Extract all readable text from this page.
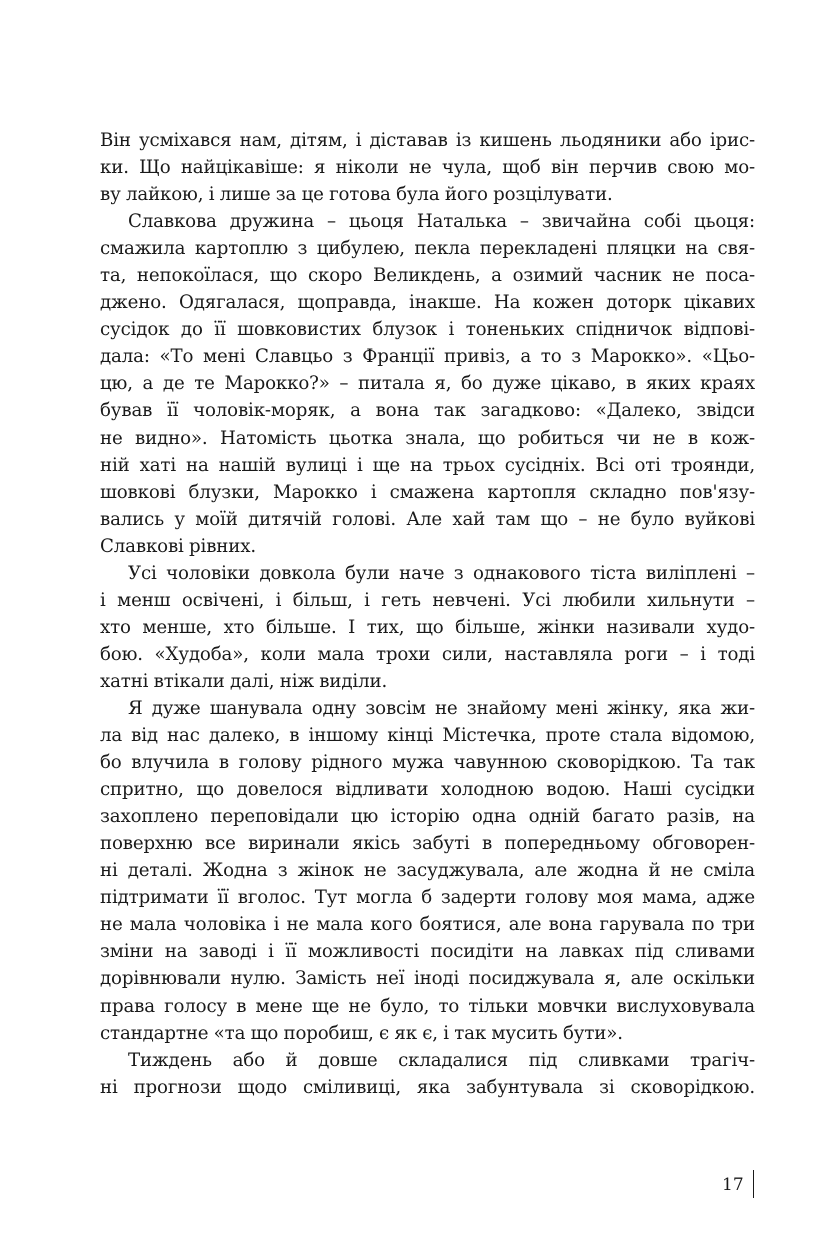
Він усміхався нам, дітям, і діставав із кишень льодяники або ірис-
ки. Що найцікавіше: я ніколи не чула, щоб він перчив свою мо-
ву лайкою, і лише за це готова була його розцілувати.
Славкова дружина – цьоця Наталька – звичайна собі цьоця:
смажила картоплю з цибулею, пекла перекладені пляцки на свя-
та, непокоїлася, що скоро Великдень, а озимий часник не поса-
джено. Одягалася, щоправда, інакше. На кожен доторк цікавих
сусідок до її шовковистих блузок і тоненьких спідничок відпові-
дала: «То мені Славцьо з Франції привіз, а то з Марокко». «Цьо-
цю, а де те Марокко?» – питала я, бо дуже цікаво, в яких краях
бував її чоловік-моряк, а вона так загадково: «Далеко, звідси
не видно». Натомість цьотка знала, що робиться чи не в кож-
ній хаті на нашій вулиці і ще на трьох сусідніх. Всі оті троянди,
шовкові блузки, Марокко і смажена картопля складно пов'язу-
вались у моїй дитячій голові. Але хай там що – не було вуйкові
Славкові рівних.
Усі чоловіки довкола були наче з однакового тіста виліплені –
і менш освічені, і більш, і геть невчені. Усі любили хильнути –
хто менше, хто більше. І тих, що більше, жінки називали худо-
бою. «Худоба», коли мала трохи сили, наставляла роги – і тоді
хатні втікали далі, ніж виділи.
Я дуже шанувала одну зовсім не знайому мені жінку, яка жи-
ла від нас далеко, в іншому кінці Містечка, проте стала відомою,
бо влучила в голову рідного мужа чавунною сковорідкою. Та так
спритно, що довелося відливати холодною водою. Наші сусідки
захоплено переповідали цю історію одна одній багато разів, на
поверхню все виринали якісь забуті в попередньому обговорен-
ні деталі. Жодна з жінок не засуджувала, але жодна й не сміла
підтримати її вголос. Тут могла б задерти голову моя мама, адже
не мала чоловіка і не мала кого боятися, але вона гарувала по три
зміни на заводі і її можливості посидіти на лавках під сливами
дорівнювали нулю. Замість неї іноді посиджувала я, але оскільки
права голосу в мене ще не було, то тільки мовчки вислуховувала
стандартне «та що поробиш, є як є, і так мусить бути».
Тиждень або й довше складалися під сливками трагіч-
ні прогнози щодо сміливиці, яка забунтувала зі сковорідкою.
17
